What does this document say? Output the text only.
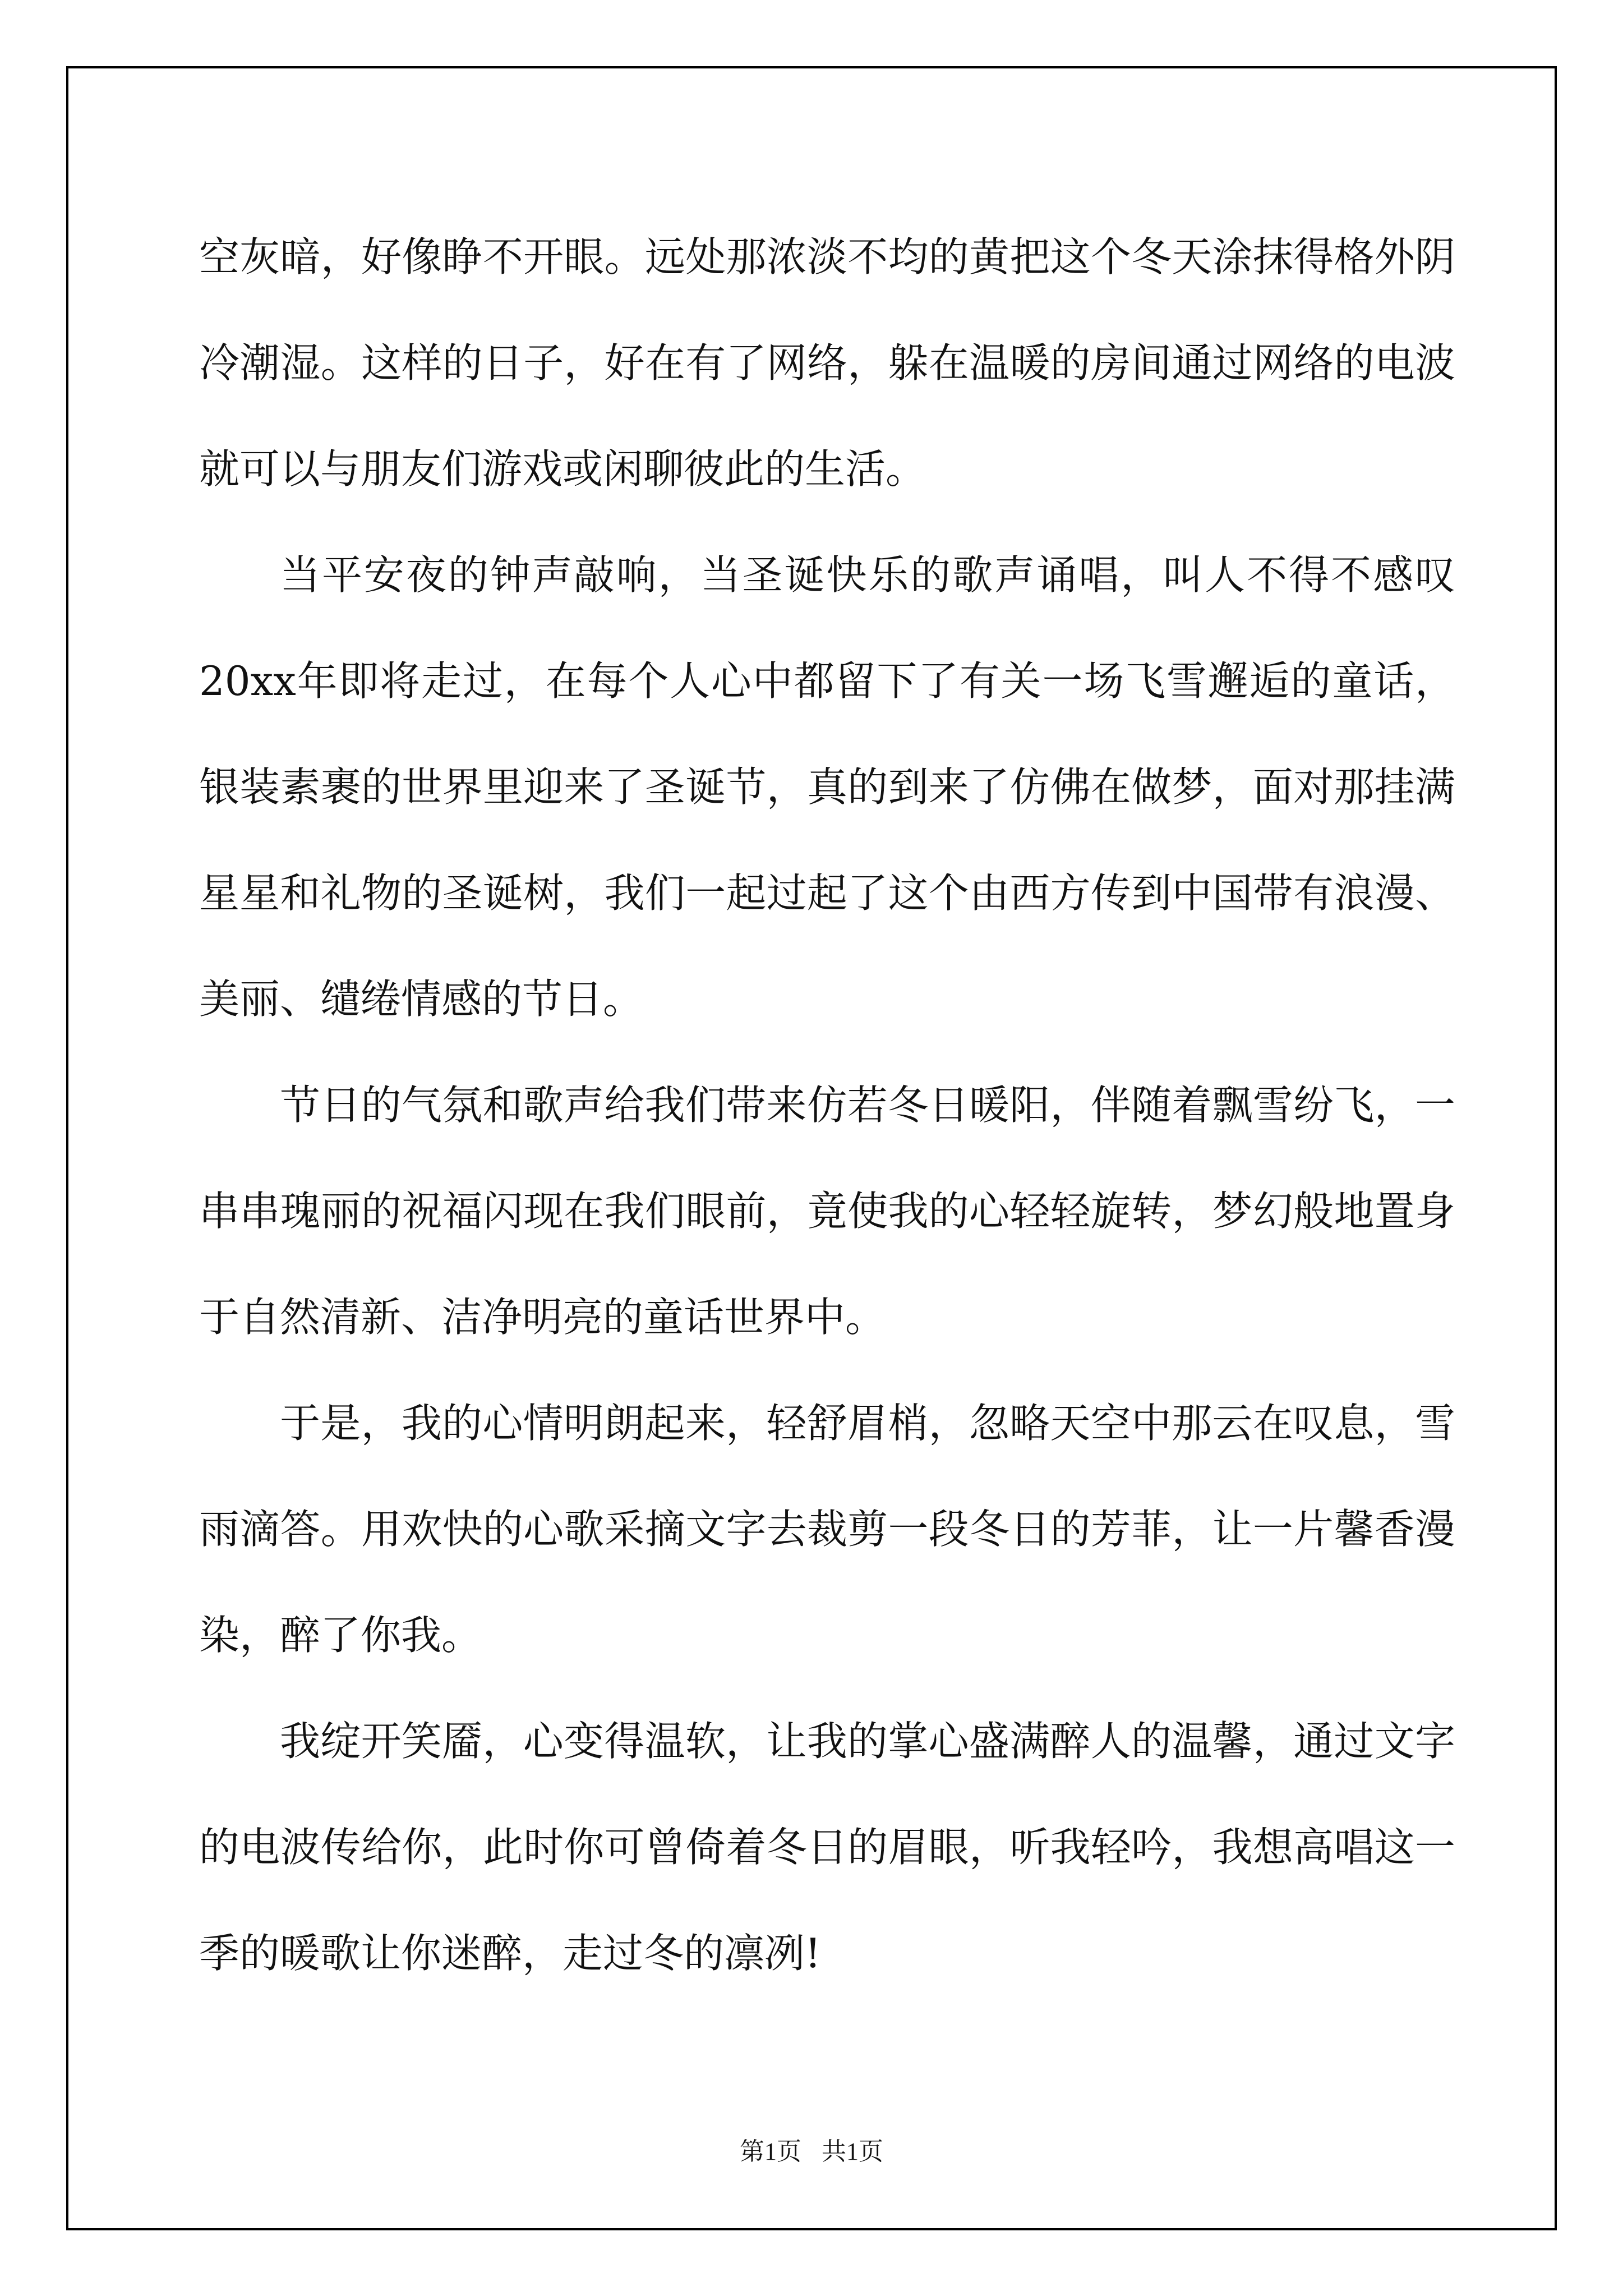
空灰暗，好像睁不开眼。远处那浓淡不均的黄把这个冬天涂抹得格外阴冷潮湿。这样的日子，好在有了网络，躲在温暖的房间通过网络的电波就可以与朋友们游戏或闲聊彼此的生活。

当平安夜的钟声敲响，当圣诞快乐的歌声诵唱，叫人不得不感叹20xx年即将走过，在每个人心中都留下了有关一场飞雪邂逅的童话，银装素裹的世界里迎来了圣诞节，真的到来了仿佛在做梦，面对那挂满星星和礼物的圣诞树，我们一起过起了这个由西方传到中国带有浪漫、美丽、缱绻情感的节日。

节日的气氛和歌声给我们带来仿若冬日暖阳，伴随着飘雪纷飞，一串串瑰丽的祝福闪现在我们眼前，竟使我的心轻轻旋转，梦幻般地置身于自然清新、洁净明亮的童话世界中。

于是，我的心情明朗起来，轻舒眉梢，忽略天空中那云在叹息，雪雨滴答。用欢快的心歌采摘文字去裁剪一段冬日的芳菲，让一片馨香漫染，醉了你我。

我绽开笑靥，心变得温软，让我的掌心盛满醉人的温馨，通过文字的电波传给你，此时你可曾倚着冬日的眉眼，听我轻吟，我想高唱这一季的暖歌让你迷醉，走过冬的凛冽!

第1页 共1页
